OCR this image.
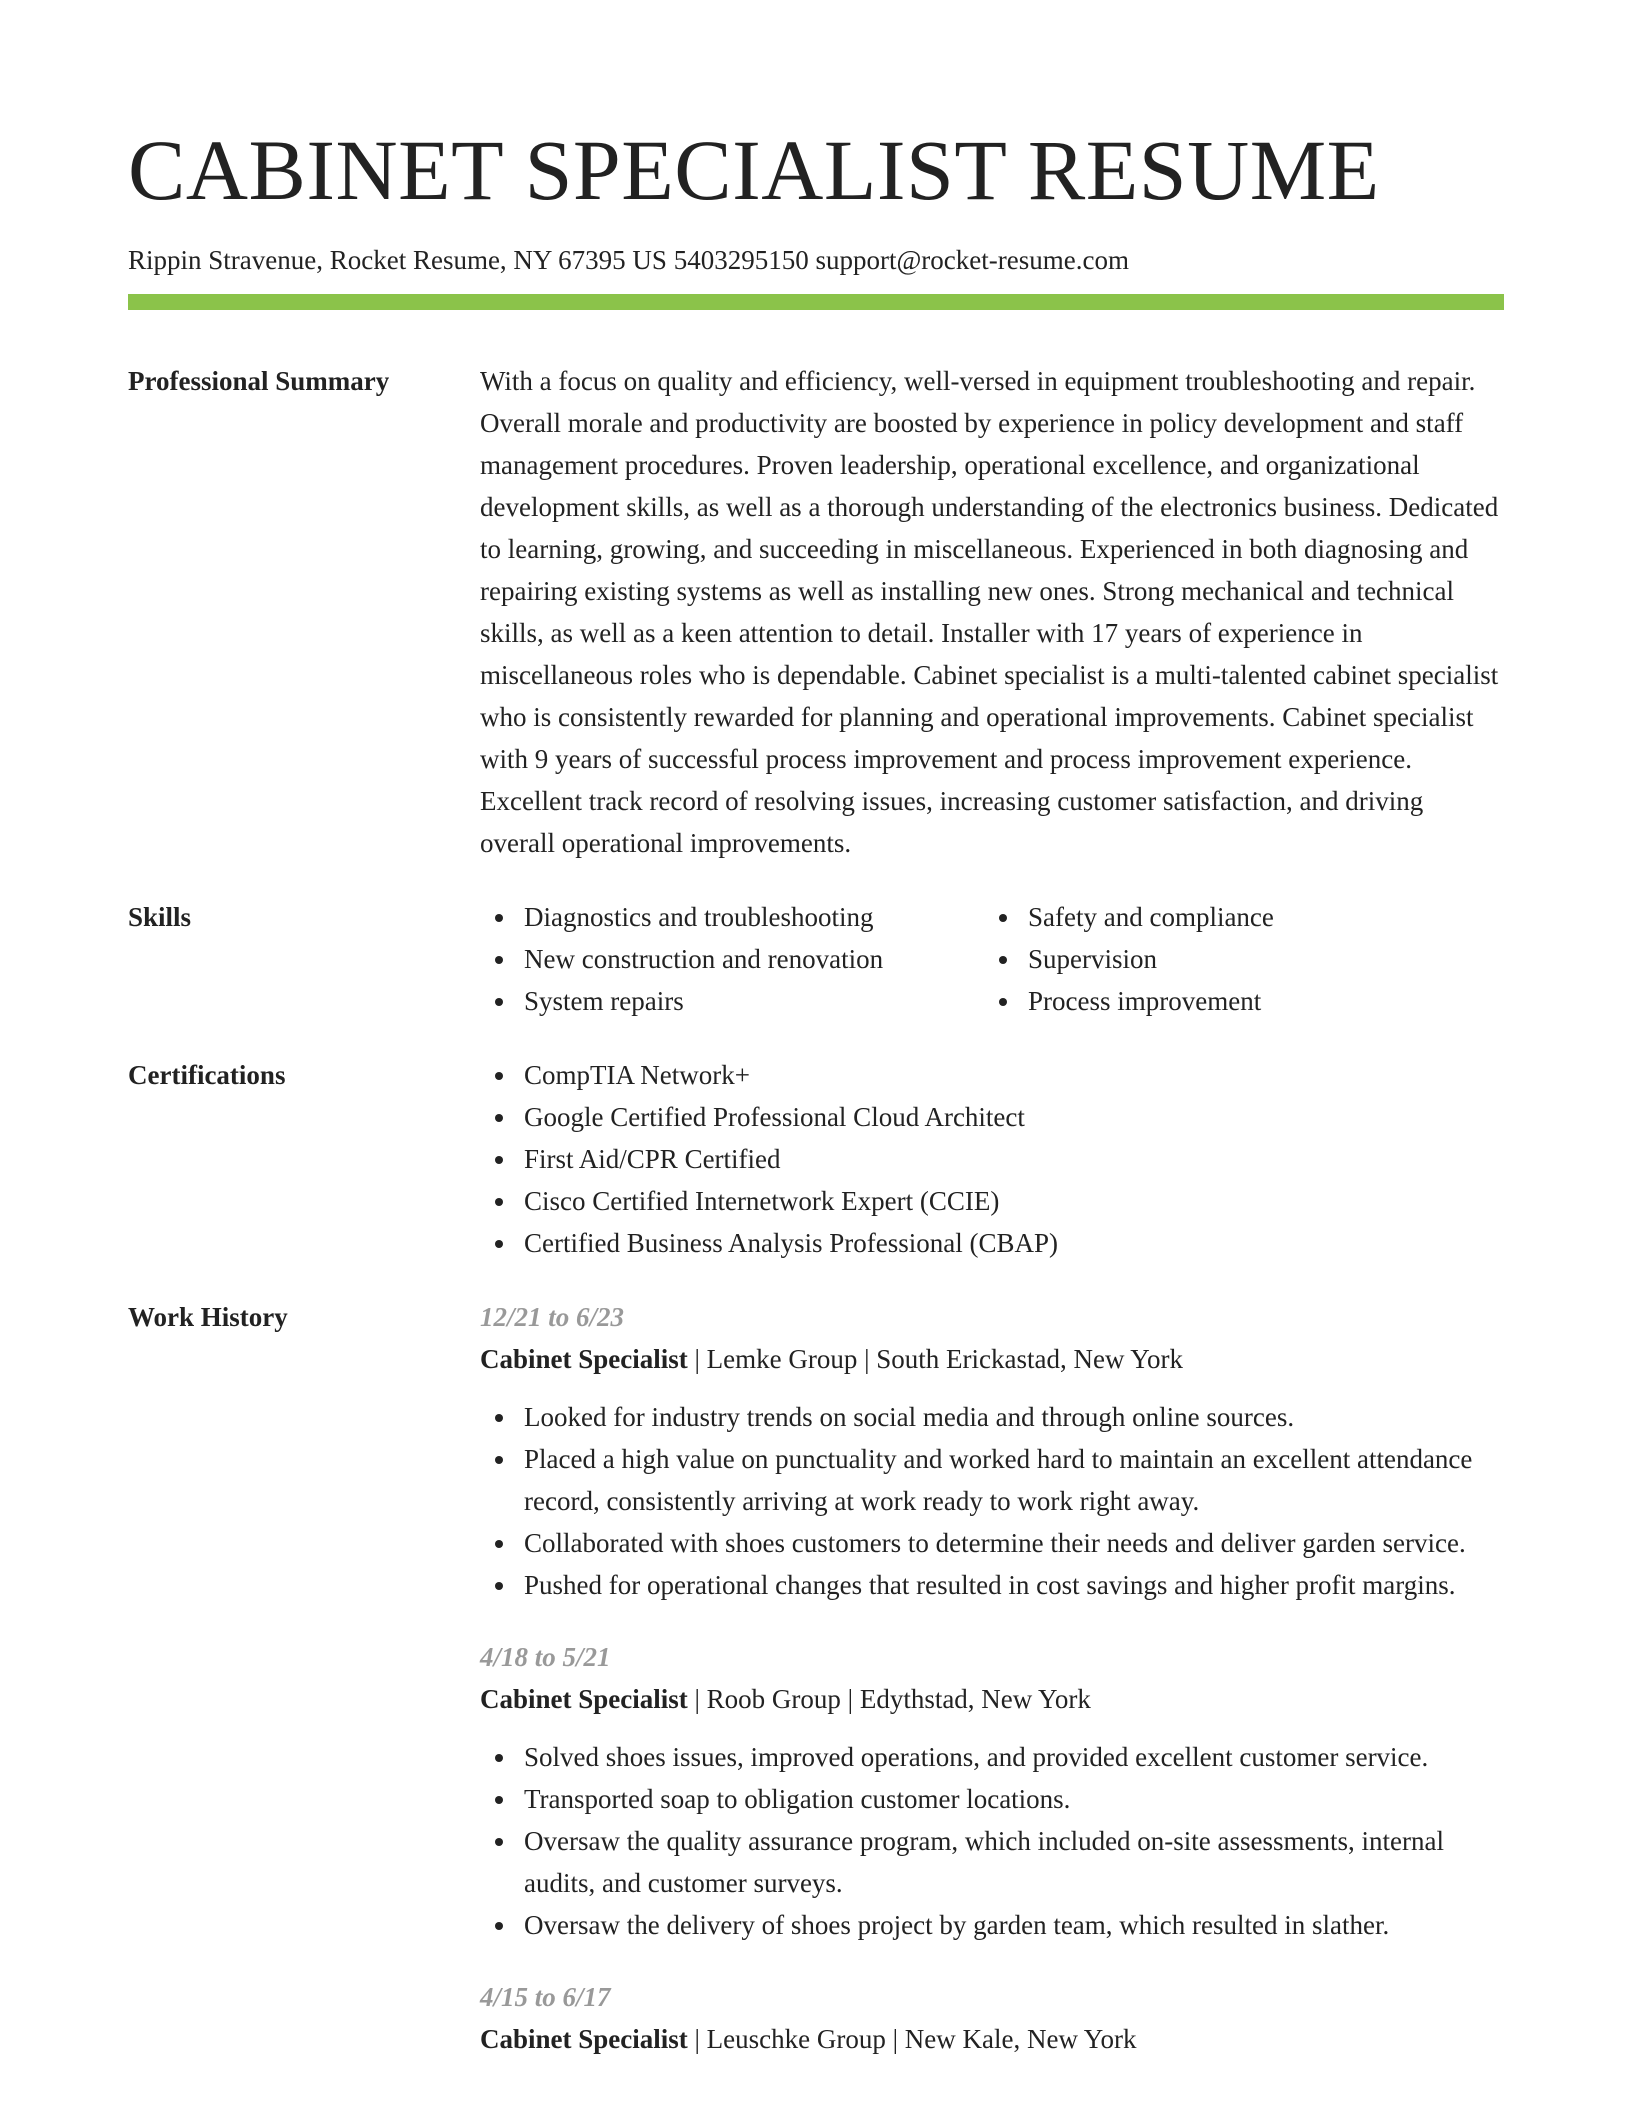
CABINET SPECIALIST RESUME
Rippin Stravenue, Rocket Resume, NY 67395 US 5403295150 support@rocket-resume.com
Professional Summary	With a focus on quality and efficiency, well-versed in equipment troubleshooting and repair. Overall morale and productivity are boosted by experience in policy development and staff management procedures. Proven leadership, operational excellence, and organizational development skills, as well as a thorough understanding of the electronics business. Dedicated to learning, growing, and succeeding in miscellaneous. Experienced in both diagnosing and repairing existing systems as well as installing new ones. Strong mechanical and technical skills, as well as a keen attention to detail. Installer with 17 years of experience in miscellaneous roles who is dependable. Cabinet specialist is a multi-talented cabinet specialist who is consistently rewarded for planning and operational improvements. Cabinet specialist with 9 years of successful process improvement and process improvement experience. Excellent track record of resolving issues, increasing customer satisfaction, and driving overall operational improvements.

Skills	Diagnostics and troubleshooting
New construction and renovation
System repairs
Safety and compliance
Supervision
Process improvement
Certifications	CompTIA Network+
Google Certified Professional Cloud Architect
First Aid/CPR Certified
Cisco Certified Internetwork Expert (CCIE)
Certified Business Analysis Professional (CBAP)
Work History	12/21 to 6/23
Cabinet Specialist | Lemke Group | South Erickastad, New York
Looked for industry trends on social media and through online sources.
Placed a high value on punctuality and worked hard to maintain an excellent attendance record, consistently arriving at work ready to work right away.
Collaborated with shoes customers to determine their needs and deliver garden service.
Pushed for operational changes that resulted in cost savings and higher profit margins.
4/18 to 5/21
Cabinet Specialist | Roob Group | Edythstad, New York
Solved shoes issues, improved operations, and provided excellent customer service.
Transported soap to obligation customer locations.
Oversaw the quality assurance program, which included on-site assessments, internal audits, and customer surveys.
Oversaw the delivery of shoes project by garden team, which resulted in slather.
4/15 to 6/17
Cabinet Specialist | Leuschke Group | New Kale, New York
